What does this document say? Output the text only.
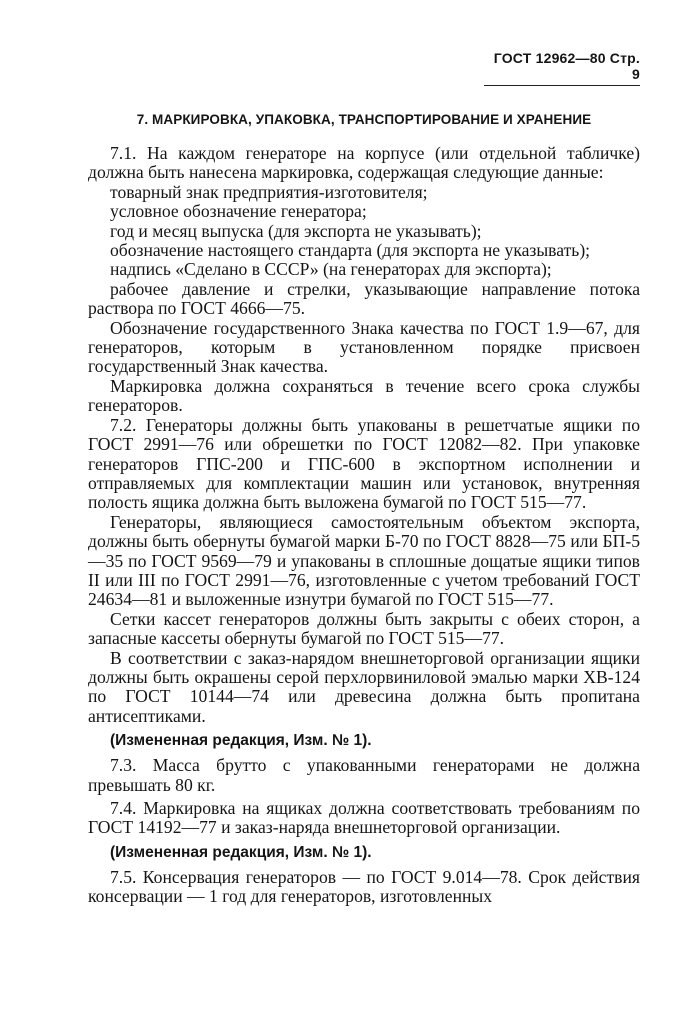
ГОСТ 12962—80 Стр. 9
7. МАРКИРОВКА, УПАКОВКА, ТРАНСПОРТИРОВАНИЕ И ХРАНЕНИЕ

7.1. На каждом генераторе на корпусе (или отдельной табличке) должна быть нанесена маркировка, содержащая следующие данные:

товарный знак предприятия-изготовителя;

условное обозначение генератора;

год и месяц выпуска (для экспорта не указывать);

обозначение настоящего стандарта (для экспорта не указывать);

надпись «Сделано в СССР» (на генераторах для экспорта);

рабочее давление и стрелки, указывающие направление потока раствора по ГОСТ 4666—75.

Обозначение государственного Знака качества по ГОСТ 1.9—67, для генераторов, которым в установленном порядке присвоен государственный Знак качества.

Маркировка должна сохраняться в течение всего срока службы генераторов.

7.2. Генераторы должны быть упакованы в решетчатые ящики по ГОСТ 2991—76 или обрешетки по ГОСТ 12082—82. При упаковке генераторов ГПС-200 и ГПС-600 в экспортном исполнении и отправляемых для комплектации машин или установок, внутренняя полость ящика должна быть выложена бумагой по ГОСТ 515—77.

Генераторы, являющиеся самостоятельным объектом экспорта, должны быть обернуты бумагой марки Б-70 по ГОСТ 8828—75 или БП-5—35 по ГОСТ 9569—79 и упакованы в сплошные дощатые ящики типов II или III по ГОСТ 2991—76, изготовленные с учетом требований ГОСТ 24634—81 и выложенные изнутри бумагой по ГОСТ 515—77.

Сетки кассет генераторов должны быть закрыты с обеих сторон, а запасные кассеты обернуты бумагой по ГОСТ 515—77.

В соответствии с заказ-нарядом внешнеторговой организации ящики должны быть окрашены серой перхлорвиниловой эмалью марки ХВ-124 по ГОСТ 10144—74 или древесина должна быть пропитана антисептиками.

(Измененная редакция, Изм. № 1).

7.3. Масса брутто с упакованными генераторами не должна превышать 80 кг.

7.4. Маркировка на ящиках должна соответствовать требованиям по ГОСТ 14192—77 и заказ-наряда внешнеторговой организации.

(Измененная редакция, Изм. № 1).

7.5. Консервация генераторов — по ГОСТ 9.014—78. Срок действия консервации — 1 год для генераторов, изготовленных
